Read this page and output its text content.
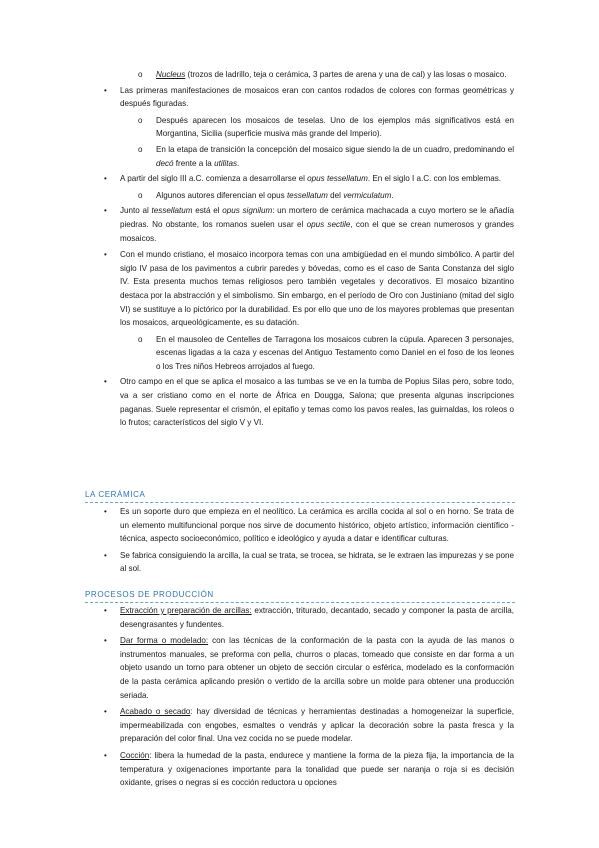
o Nucleus (trozos de ladrillo, teja o cerámica, 3 partes de arena y una de cal) y las losas o mosaico.
• Las primeras manifestaciones de mosaicos eran con cantos rodados de colores con formas geométricas y después figuradas.
o Después aparecen los mosaicos de teselas. Uno de los ejemplos más significativos está en Morgantina, Sicilia (superficie musiva más grande del Imperio).
o En la etapa de transición la concepción del mosaico sigue siendo la de un cuadro, predominando el decó frente a la utilitas.
• A partir del siglo III a.C. comienza a desarrollarse el opus tessellatum. En el siglo I a.C. con los emblemas.
o Algunos autores diferencian el opus tessellatum del vermiculatum.
• Junto al tessellatum está el opus signilum: un mortero de cerámica machacada a cuyo mortero se le añadía piedras. No obstante, los romanos suelen usar el opus sectile, con el que se crean numerosos y grandes mosaicos.
• Con el mundo cristiano, el mosaico incorpora temas con una ambigüedad en el mundo simbólico. A partir del siglo IV pasa de los pavimentos a cubrir paredes y bóvedas, como es el caso de Santa Constanza del siglo IV. Esta presenta muchos temas religiosos pero también vegetales y decorativos. El mosaico bizantino destaca por la abstracción y el simbolismo. Sin embargo, en el período de Oro con Justiniano (mitad del siglo VI) se sustituye a lo pictórico por la durabilidad. Es por ello que uno de los mayores problemas que presentan los mosaicos, arqueológicamente, es su datación.
o En el mausoleo de Centelles de Tarragona los mosaicos cubren la cúpula. Aparecen 3 personajes, escenas ligadas a la caza y escenas del Antiguo Testamento como Daniel en el foso de los leones o los Tres niños Hebreos arrojados al fuego.
• Otro campo en el que se aplica el mosaico a las tumbas se ve en la tumba de Popius Silas pero, sobre todo, va a ser cristiano como en el norte de África en Dougga, Salona; que presenta algunas inscripciones paganas. Suele representar el crismón, el epitafio y temas como los pavos reales, las guirnaldas, los roleos o lo frutos; característicos del siglo V y VI.
LA CERÁMICA
• Es un soporte duro que empieza en el neolítico. La cerámica es arcilla cocida al sol o en horno. Se trata de un elemento multifuncional porque nos sirve de documento histórico, objeto artístico, información científico - técnica, aspecto socioeconómico, político e ideológico y ayuda a datar e identificar culturas.
• Se fabrica consiguiendo la arcilla, la cual se trata, se trocea, se hidrata, se le extraen las impurezas y se pone al sol.
PROCESOS DE PRODUCCIÓN
• Extracción y preparación de arcillas: extracción, triturado, decantado, secado y componer la pasta de arcilla, desengrasantes y fundentes.
• Dar forma o modelado: con las técnicas de la conformación de la pasta con la ayuda de las manos o instrumentos manuales, se preforma con pella, churros o placas, tomeado que consiste en dar forma a un objeto usando un torno para obtener un objeto de sección circular o esférica, modelado es la conformación de la pasta cerámica aplicando presión o vertido de la arcilla sobre un molde para obtener una producción seriada.
• Acabado o secado: hay diversidad de técnicas y herramientas destinadas a homogeneizar la superficie, impermeabilizada con engobes, esmaltes o vendrás y aplicar la decoración sobre la pasta fresca y la preparación del color final. Una vez cocida no se puede modelar.
• Cocción: libera la humedad de la pasta, endurece y mantiene la forma de la pieza fija, la importancia de la temperatura y oxigenaciones importante para la tonalidad que puede ser naranja o roja si es decisión oxidante, grises o negras si es cocción reductora u opciones
